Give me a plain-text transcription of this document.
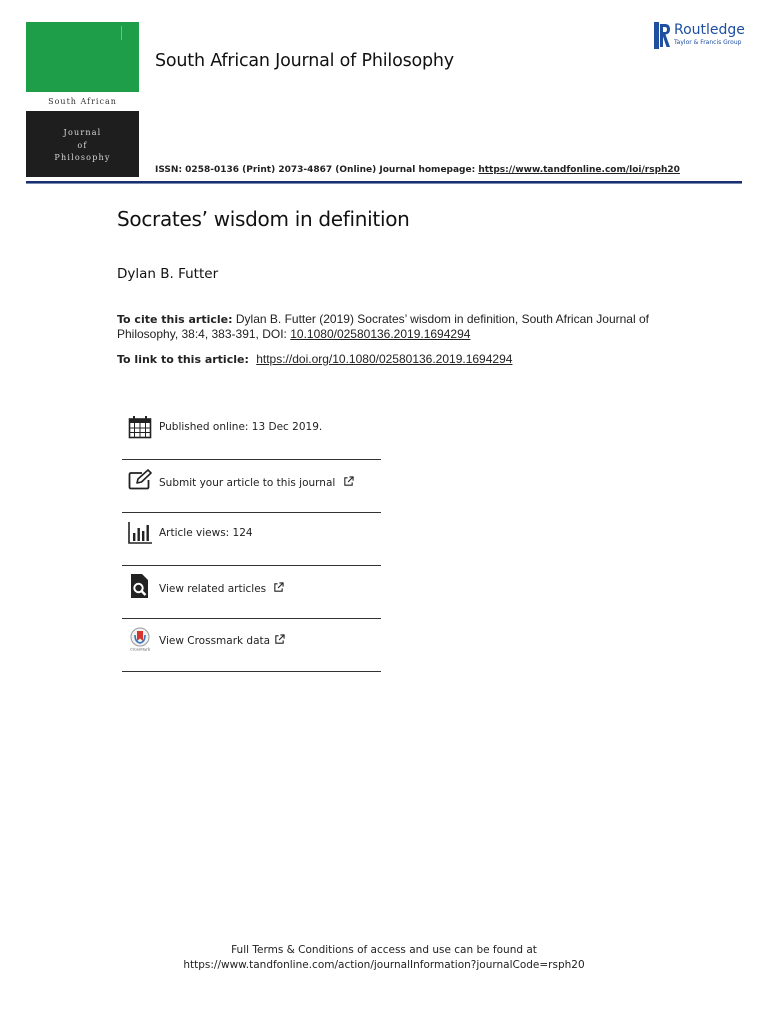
South African
Journal
of
Philosophy
South African Journal of Philosophy
Routledge
Taylor & Francis Group
ISSN: 0258-0136 (Print) 2073-4867 (Online) Journal homepage: https://www.tandfonline.com/loi/rsph20
Socrates’ wisdom in definition
Dylan B. Futter
To cite this article: Dylan B. Futter (2019) Socrates’ wisdom in definition, South African Journal of Philosophy, 38:4, 383-391, DOI: 10.1080/02580136.2019.1694294
To link to this article: https://doi.org/10.1080/02580136.2019.1694294
Published online: 13 Dec 2019.
Submit your article to this journal
Article views: 124
View related articles
CrossMark
View Crossmark data
Full Terms & Conditions of access and use can be found at
https://www.tandfonline.com/action/journalInformation?journalCode=rsph20
